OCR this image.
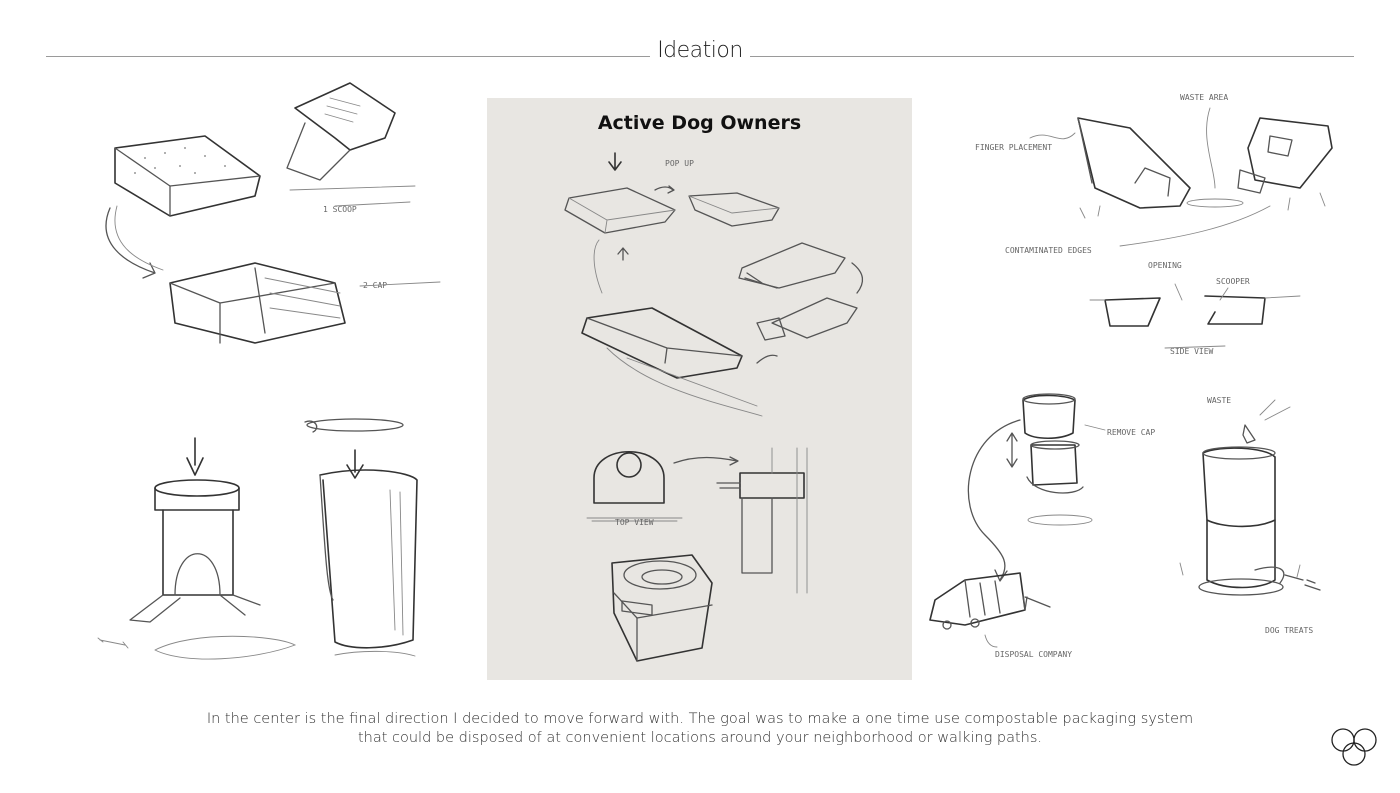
Ideation
1 SCOOP
2 CAP
Active Dog Owners
POP UP
TOP VIEW
WASTE AREA
FINGER PLACEMENT
CONTAMINATED EDGES
OPENING
SCOOPER
SIDE VIEW
REMOVE CAP
DISPOSAL COMPANY
WASTE
DOG TREATS
In the center is the final direction I decided to move forward with. The goal was to make a one time use compostable packaging system
that could be disposed of at convenient locations around your neighborhood or walking paths.
